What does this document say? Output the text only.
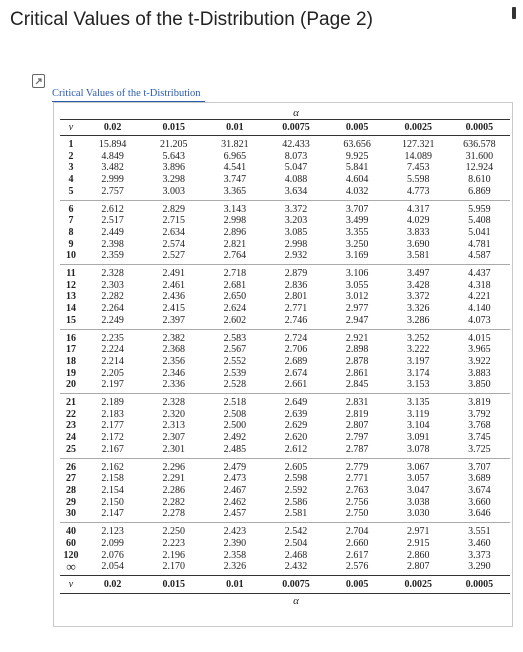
Critical Values of the t-Distribution (Page 2)
Critical Values of the t-Distribution
				α			
v	0.02	0.015	0.01	0.0075	0.005	0.0025	0.0005
1	15.894	21.205	31.821	42.433	63.656	127.321	636.578
2	4.849	5.643	6.965	8.073	9.925	14.089	31.600
3	3.482	3.896	4.541	5.047	5.841	7.453	12.924
4	2.999	3.298	3.747	4.088	4.604	5.598	8.610
5	2.757	3.003	3.365	3.634	4.032	4.773	6.869
6	2.612	2.829	3.143	3.372	3.707	4.317	5.959
7	2.517	2.715	2.998	3.203	3.499	4.029	5.408
8	2.449	2.634	2.896	3.085	3.355	3.833	5.041
9	2.398	2.574	2.821	2.998	3.250	3.690	4.781
10	2.359	2.527	2.764	2.932	3.169	3.581	4.587
11	2.328	2.491	2.718	2.879	3.106	3.497	4.437
12	2.303	2.461	2.681	2.836	3.055	3.428	4.318
13	2.282	2.436	2.650	2.801	3.012	3.372	4.221
14	2.264	2.415	2.624	2.771	2.977	3.326	4.140
15	2.249	2.397	2.602	2.746	2.947	3.286	4.073
16	2.235	2.382	2.583	2.724	2.921	3.252	4.015
17	2.224	2.368	2.567	2.706	2.898	3.222	3.965
18	2.214	2.356	2.552	2.689	2.878	3.197	3.922
19	2.205	2.346	2.539	2.674	2.861	3.174	3.883
20	2.197	2.336	2.528	2.661	2.845	3.153	3.850
21	2.189	2.328	2.518	2.649	2.831	3.135	3.819
22	2.183	2.320	2.508	2.639	2.819	3.119	3.792
23	2.177	2.313	2.500	2.629	2.807	3.104	3.768
24	2.172	2.307	2.492	2.620	2.797	3.091	3.745
25	2.167	2.301	2.485	2.612	2.787	3.078	3.725
26	2.162	2.296	2.479	2.605	2.779	3.067	3.707
27	2.158	2.291	2.473	2.598	2.771	3.057	3.689
28	2.154	2.286	2.467	2.592	2.763	3.047	3.674
29	2.150	2.282	2.462	2.586	2.756	3.038	3.660
30	2.147	2.278	2.457	2.581	2.750	3.030	3.646
40	2.123	2.250	2.423	2.542	2.704	2.971	3.551
60	2.099	2.223	2.390	2.504	2.660	2.915	3.460
120	2.076	2.196	2.358	2.468	2.617	2.860	3.373
∞	2.054	2.170	2.326	2.432	2.576	2.807	3.290
v	0.02	0.015	0.01	0.0075	0.005	0.0025	0.0005
				α			
